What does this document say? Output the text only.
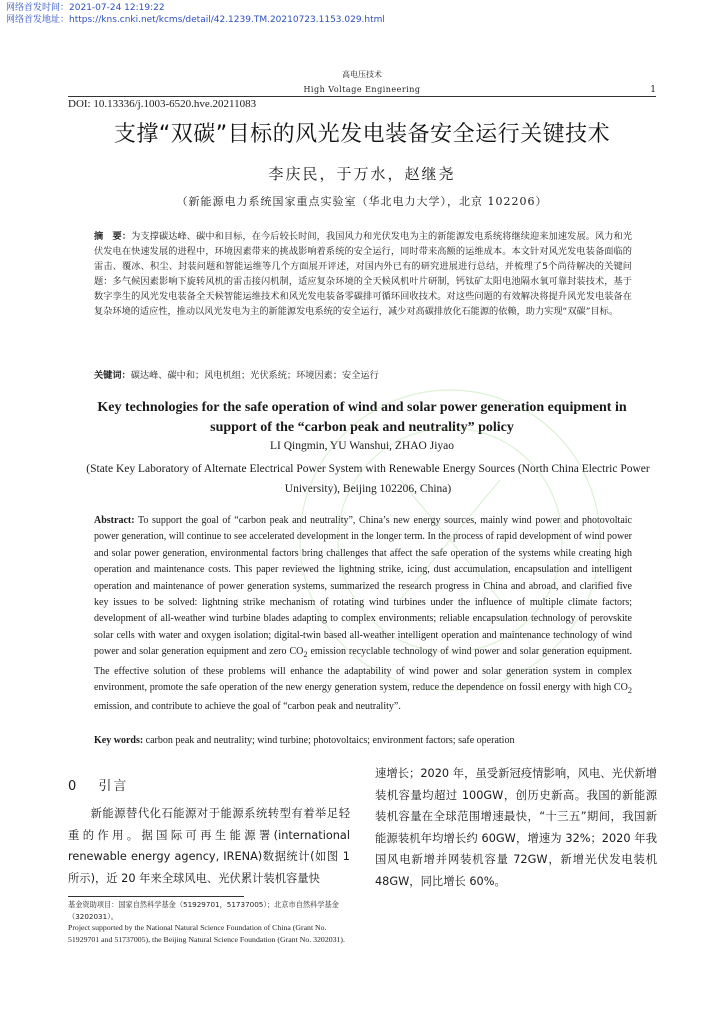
网络首发时间：2021-07-24 12:19:22
网络首发地址：https://kns.cnki.net/kcms/detail/42.1239.TM.20210723.1153.029.html
高电压技术
High Voltage Engineering	1
DOI: 10.13336/j.1003-6520.hve.20211083
支撑“双碳”目标的风光发电装备安全运行关键技术
李庆民，于万水，赵继尧
（新能源电力系统国家重点实验室（华北电力大学），北京 102206）
摘　要：为支撑碳达峰、碳中和目标，在今后较长时间，我国风力和光伏发电为主的新能源发电系统将继续迎来加速发展。风力和光伏发电在快速发展的进程中，环境因素带来的挑战影响着系统的安全运行，同时带来高额的运维成本。本文针对风光发电装备面临的雷击、覆冰、积尘、封装问题和智能运维等几个方面展开评述，对国内外已有的研究进展进行总结，并梳理了5个尚待解决的关键问题：多气候因素影响下旋转风机的雷击接闪机制，适应复杂环境的全天候风机叶片研制，钙钛矿太阳电池隔水氧可靠封装技术，基于数字孪生的风光发电装备全天候智能运维技术和风光发电装备零碳排可循环回收技术。对这些问题的有效解决将提升风光发电装备在复杂环境的适应性，推动以风光发电为主的新能源发电系统的安全运行，减少对高碳排放化石能源的依赖，助力实现“双碳”目标。
关键词：碳达峰、碳中和；风电机组；光伏系统；环境因素；安全运行
Key technologies for the safe operation of wind and solar power generation equipment in support of the “carbon peak and neutrality” policy
LI Qingmin, YU Wanshui, ZHAO Jiyao
(State Key Laboratory of Alternate Electrical Power System with Renewable Energy Sources (North China Electric Power University), Beijing 102206, China)
Abstract: To support the goal of “carbon peak and neutrality”, China’s new energy sources, mainly wind power and photovoltaic power generation, will continue to see accelerated development in the longer term. In the process of rapid development of wind power and solar power generation, environmental factors bring challenges that affect the safe operation of the systems while creating high operation and maintenance costs. This paper reviewed the lightning strike, icing, dust accumulation, encapsulation and intelligent operation and maintenance of power generation systems, summarized the research progress in China and abroad, and clarified five key issues to be solved: lightning strike mechanism of rotating wind turbines under the influence of multiple climate factors; development of all-weather wind turbine blades adapting to complex environments; reliable encapsulation technology of perovskite solar cells with water and oxygen isolation; digital-twin based all-weather intelligent operation and maintenance technology of wind power and solar generation equipment and zero $CO_2$ emission recyclable technology of wind power and solar generation equipment. The effective solution of these problems will enhance the adaptability of wind power and solar generation system in complex environment, promote the safe operation of the new energy generation system, reduce the dependence on fossil energy with high $CO_2$ emission, and contribute to achieve the goal of “carbon peak and neutrality”.
Key words: carbon peak and neutrality; wind turbine; photovoltaics; environment factors; safe operation
0 引言
新能源替代化石能源对于能源系统转型有着举足轻重的作用。据国际可再生能源署(international renewable energy agency, IRENA)数据统计(如图 1 所示)，近 20 年来全球风电、光伏累计装机容量快
速增长；2020 年，虽受新冠疫情影响，风电、光伏新增装机容量均超过 100GW，创历史新高。我国的新能源装机容量在全球范围增速最快，“十三五”期间，我国新能源装机年均增长约 60GW，增速为 32%；2020 年我国风电新增并网装机容量 72GW，新增光伏发电装机 48GW，同比增长 60%。

基金资助项目：国家自然科学基金（51929701，51737005）；北京市自然科学基金（3202031）。

Project supported by the National Natural Science Foundation of China (Grant No. 51929701 and 51737005), the Beijing Natural Science Foundation (Grant No. 3202031).
